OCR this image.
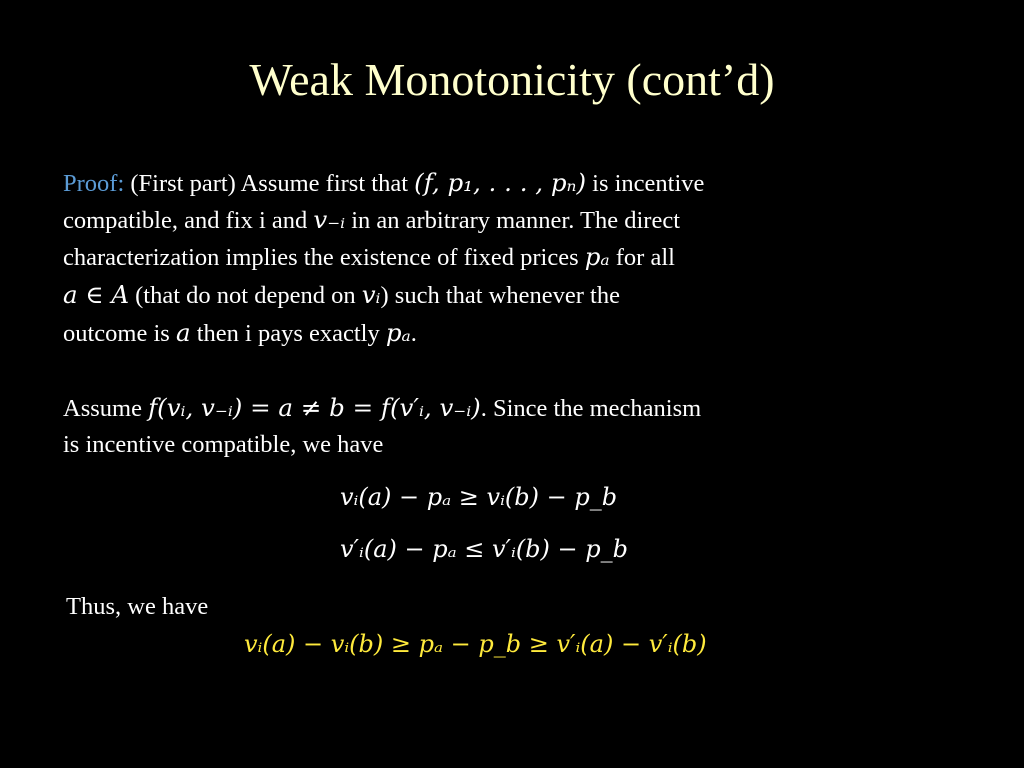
Weak Monotonicity (cont’d)
Proof: (First part) Assume first that (f, p₁, . . . , pₙ) is incentive
compatible, and fix i and v₋ᵢ in an arbitrary manner. The direct
characterization implies the existence of fixed prices pₐ for all
a ∈ A (that do not depend on vᵢ) such that whenever the
outcome is a then i pays exactly pₐ.
Assume f(vᵢ, v₋ᵢ) = a ≠ b = f(v′ᵢ, v₋ᵢ). Since the mechanism
is incentive compatible, we have
vᵢ(a) − pₐ ≥ vᵢ(b) − p_b
v′ᵢ(a) − pₐ ≤ v′ᵢ(b) − p_b
Thus, we have
vᵢ(a) − vᵢ(b) ≥ pₐ − p_b ≥ v′ᵢ(a) − v′ᵢ(b)
